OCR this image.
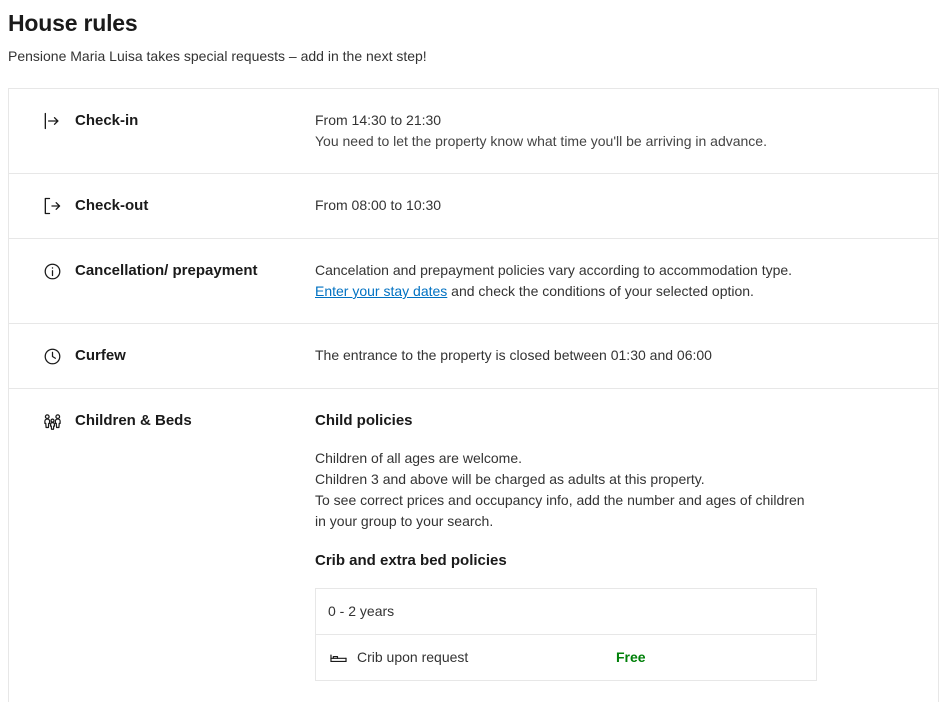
House rules
Pensione Maria Luisa takes special requests – add in the next step!
Check-in	From 14:30 to 21:30

You need to let the property know what time you'll be arriving in advance.

Check-out	From 08:00 to 10:30

Cancellation/ prepayment	Cancelation and prepayment policies vary according to accommodation type.

Enter your stay dates and check the conditions of your selected option.

Curfew	The entrance to the property is closed between 01:30 and 06:00

Children & Beds	Child policies

Children of all ages are welcome.

Children 3 and above will be charged as adults at this property.

To see correct prices and occupancy info, add the number and ages of children in your group to your search.

Crib and extra bed policies
0 - 2 years

Crib upon request	Free
